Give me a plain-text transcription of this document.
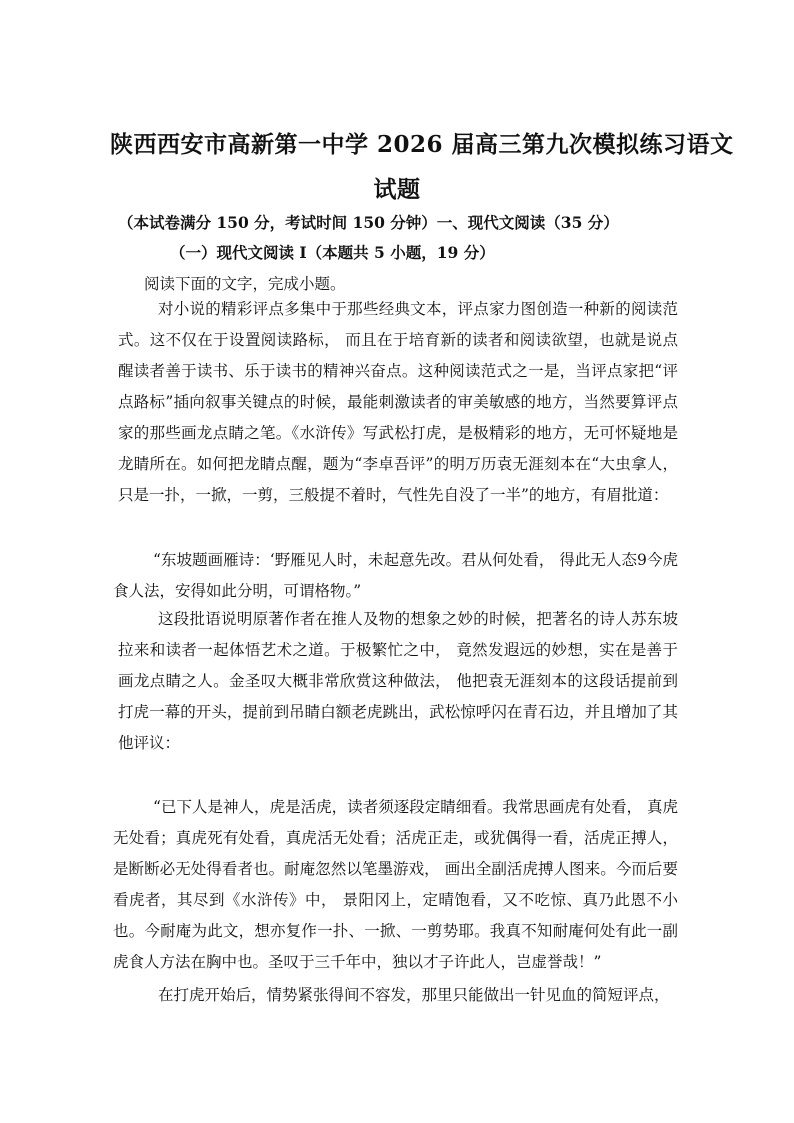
陕西西安市高新第一中学 2026 届高三第九次模拟练习语文
试题
（本试卷满分 150 分，考试时间 150 分钟）一、现代文阅读（35 分）
（一）现代文阅读 I（本题共 5 小题，19 分）
阅读下面的文字，完成小题。

对小说的精彩评点多集中于那些经典文本，评点家力图创造一种新的阅读范式。这不仅在于设置阅读路标， 而且在于培育新的读者和阅读欲望，也就是说点醒读者善于读书、乐于读书的精神兴奋点。这种阅读范式之一是，当评点家把“评点路标”插向叙事关键点的时候，最能刺激读者的审美敏感的地方，当然要算评点家的那些画龙点睛之笔。《水浒传》写武松打虎，是极精彩的地方，无可怀疑地是龙睛所在。如何把龙睛点醒，题为“李卓吾评”的明万历袁无涯刻本在“大虫拿人，只是一扑，一掀，一剪，三般提不着时，气性先自没了一半”的地方，有眉批道：

“东坡题画雁诗：‘野雁见人时，未起意先改。君从何处看， 得此无人态9今虎食人法，安得如此分明，可谓格物。”

这段批语说明原著作者在推人及物的想象之妙的时候，把著名的诗人苏东坡拉来和读者一起体悟艺术之道。于极繁忙之中， 竟然发遐远的妙想，实在是善于画龙点睛之人。金圣叹大概非常欣赏这种做法， 他把袁无涯刻本的这段话提前到打虎一幕的开头，提前到吊睛白额老虎跳出，武松惊呼闪在青石边，并且增加了其他评议：

“已下人是神人，虎是活虎，读者须逐段定睛细看。我常思画虎有处看， 真虎无处看；真虎死有处看，真虎活无处看；活虎正走，或犹偶得一看，活虎正搏人，是断断必无处得看者也。耐庵忽然以笔墨游戏， 画出全副活虎搏人图来。今而后要看虎者，其尽到《水浒传》中， 景阳冈上，定晴饱看，又不吃惊、真乃此恩不小也。今耐庵为此文，想亦复作一扑、一掀、一剪势耶。我真不知耐庵何处有此一副虎食人方法在胸中也。圣叹于三千年中，独以才子许此人，岂虚誉哉！”

在打虎开始后，情势紧张得间不容发，那里只能做出一针见血的简短评点，
